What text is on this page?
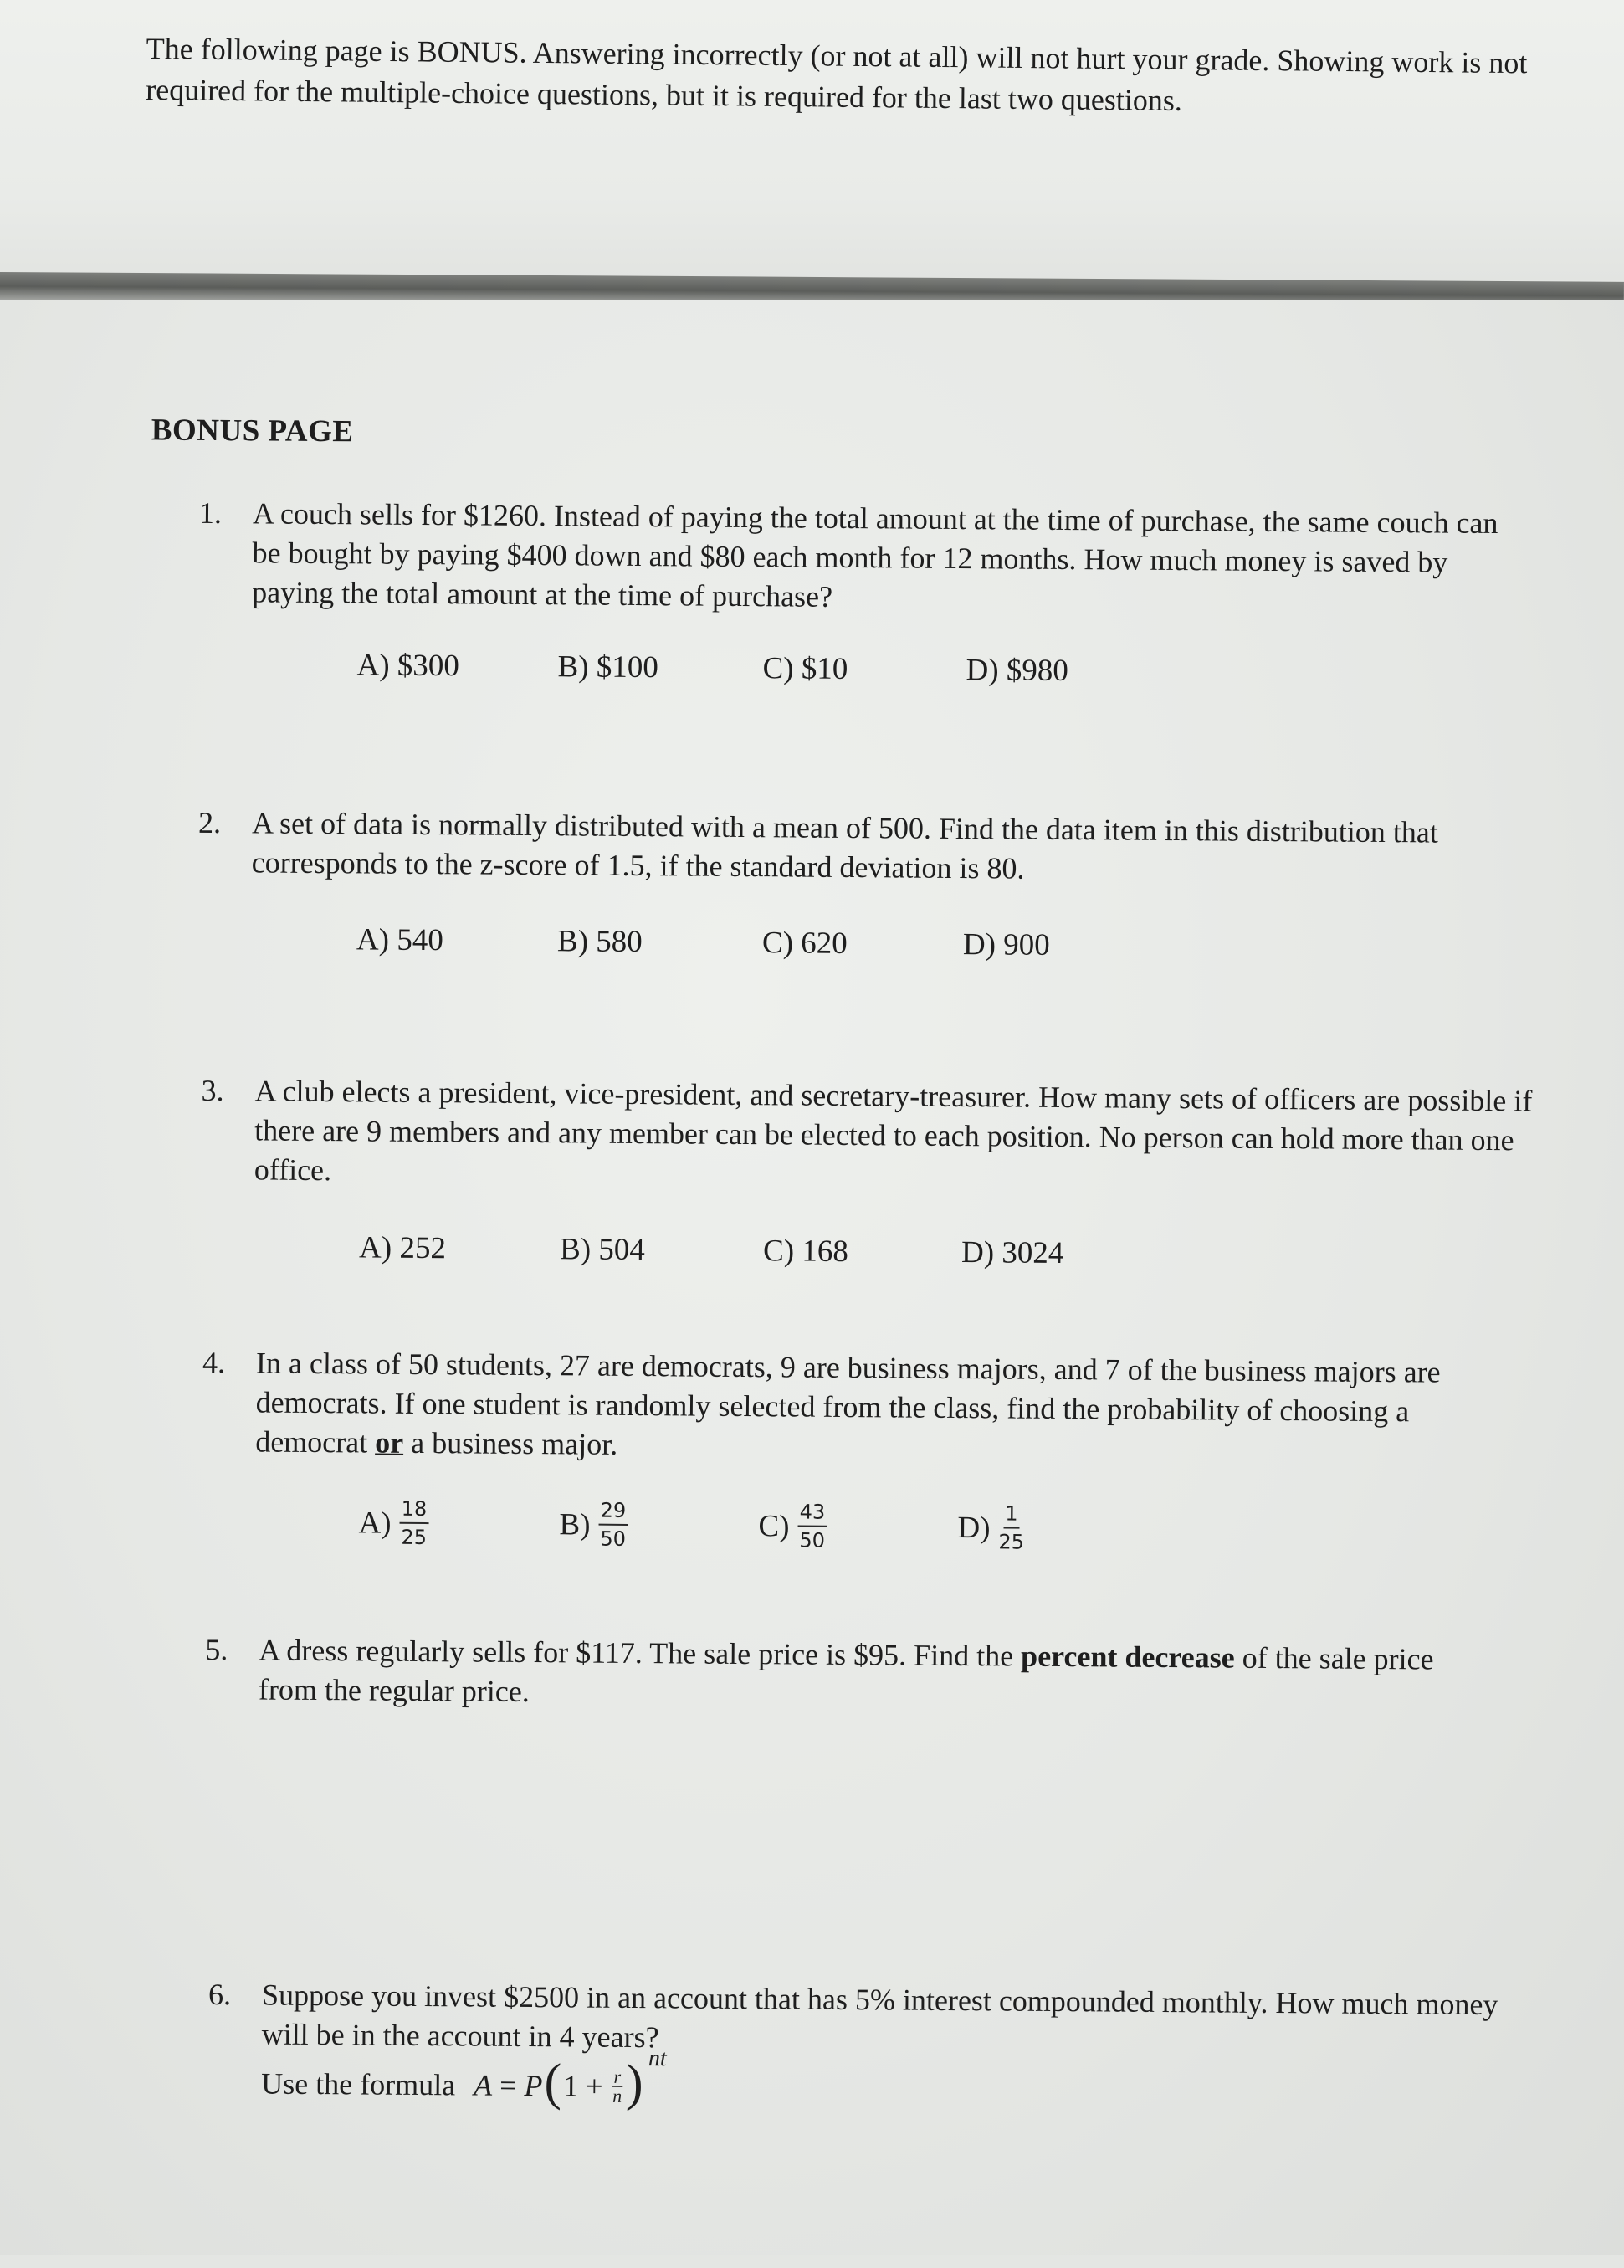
The following page is BONUS. Answering incorrectly (or not at all) will not hurt your grade. Showing work is not required for the multiple-choice questions, but it is required for the last two questions.
BONUS PAGE
1. A couch sells for $1260. Instead of paying the total amount at the time of purchase, the same couch can be bought by paying $400 down and $80 each month for 12 months. How much money is saved by paying the total amount at the time of purchase?
A) $300	B) $100	C) $10	D) $980
2. A set of data is normally distributed with a mean of 500. Find the data item in this distribution that corresponds to the z-score of 1.5, if the standard deviation is 80.
A) 540	B) 580	C) 620	D) 900
3. A club elects a president, vice-president, and secretary-treasurer. How many sets of officers are possible if there are 9 members and any member can be elected to each position. No person can hold more than one office.
A) 252	B) 504	C) 168	D) 3024
4. In a class of 50 students, 27 are democrats, 9 are business majors, and 7 of the business majors are democrats. If one student is randomly selected from the class, find the probability of choosing a democrat or a business major.
$A) \frac{18}{25}$	$B) \frac{29}{50}$	$C) \frac{43}{50}$	$D) \frac{1}{25}$
5. A dress regularly sells for $117. The sale price is $95. Find the percent decrease of the sale price from the regular price.
6. Suppose you invest $2500 in an account that has 5% interest compounded monthly. How much money will be in the account in 4 years?
Use the formula A
=
P ( 1 +
$\frac{r}{n}$ ) nt
